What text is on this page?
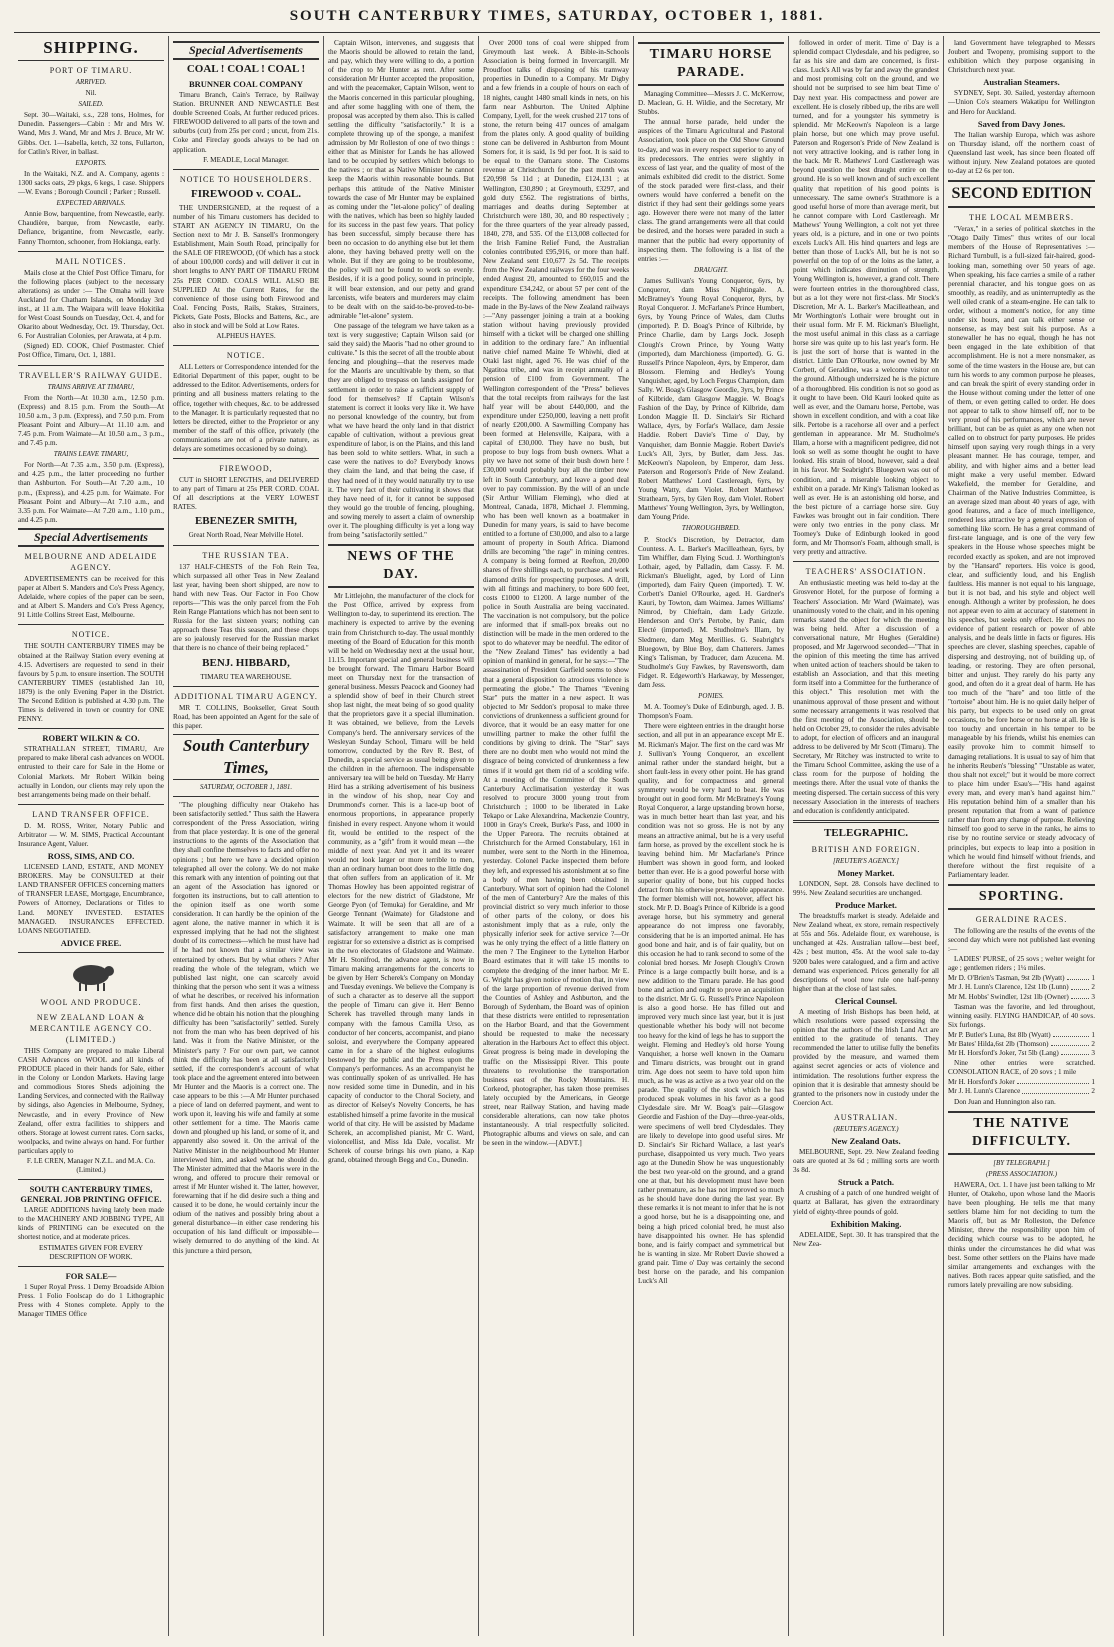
SOUTH CANTERBURY TIMES, SATURDAY, OCTOBER 1, 1881.
SHIPPING.
PORT OF TIMARU.
ARRIVED.

Nil.

SAILED.

Sept. 30—Waitaki, s.s., 228 tons, Holmes, for Dunedin. Passengers—Cabin : Mr and Mrs W. Wand, Mrs J. Wand, Mr and Mrs J. Bruce, Mr W. Gibbs. Oct. 1—Isabella, ketch, 32 tons, Fullarton, for Catlin's River, in ballast.

EXPORTS.

In the Waitaki, N.Z. and A. Company, agents : 1300 sacks oats, 29 pkgs, 6 kegs, 1 case. Shippers—W. Evans ; Borough Council ; Parker ; Russell.

EXPECTED ARRIVALS.

Annie Bow, barquentine, from Newcastle, early. Chaudière, barque, from Newcastle, early. Defiance, brigantine, from Newcastle, early. Fanny Thornton, schooner, from Hokianga, early.

MAIL NOTICES.

Mails close at the Chief Post Office Timaru, for the following places (subject to the necessary alterations) as under :— The Omaha will leave Auckland for Chatham Islands, on Monday 3rd inst., at 11 a.m. The Waipara will leave Hokitika for West Coast Sounds on Tuesday, Oct. 4, and for Okarito about Wednesday, Oct. 19. Thursday, Oct. 6. For Australian Colonies, per Arawata, at 4 p.m.

(Signed) ED. COOK, Chief Postmaster. Chief Post Office, Timaru, Oct. 1, 1881.

TRAVELLER'S RAILWAY GUIDE.
TRAINS ARRIVE AT TIMARU,

From the North—At 10.30 a.m., 12.50 p.m. (Express) and 8.15 p.m. From the South—At 10.50 a.m., 3 p.m. (Express), and 7.50 p.m. From Pleasant Point and Albury—At 11.10 a.m. and 7.45 p.m. From Waimate—At 10.50 a.m., 3 p.m., and 7.45 p.m.

TRAINS LEAVE TIMARU,

For North—At 7.35 a.m., 3.50 p.m. (Express), and 4.25 p.m., the latter proceeding no further than Ashburton. For South—At 7.20 a.m., 10 p.m., (Express), and 4.25 p.m. for Waimate. For Pleasant Point and Albury—At 7.10 a.m., and 3.35 p.m. For Waimate—At 7.20 a.m., 1.10 p.m., and 4.25 p.m.

Special Advertisements
MELBOURNE AND ADELAIDE AGENCY.

ADVERTISEMENTS can be received for this paper at Albert S. Manders and Co's Press Agency, Adelaide, where copies of the paper can be seen, and at Albert S. Manders and Co's Press Agency, 91 Little Collins Street East, Melbourne.

NOTICE.

THE SOUTH CANTERBURY TIMES may be obtained at the Railway Station every evening at 4.15. Advertisers are requested to send in their favours by 5 p.m. to ensure insertion. The SOUTH CANTERBURY TIMES (established Jan 10, 1879) is the only Evening Paper in the District. The Second Edition is published at 4.30 p.m. The Times is delivered in town or country for ONE PENNY.

ROBERT WILKIN & CO.

STRATHALLAN STREET, TIMARU, Are prepared to make liberal cash advances on WOOL entrusted to their care for Sale in the Home or Colonial Markets. Mr Robert Wilkin being actually in London, our clients may rely upon the best arrangements being made on their behalf.

LAND TRANSFER OFFICE.

D. M. ROSS, Writer, Notary Public and Arbitrator — W. M. SIMS, Practical Accountant Insurance Agent, Valuer.

ROSS, SIMS, AND CO.

LICENSED LAND, ESTATE, AND MONEY BROKERS. May be CONSULTED at their LAND TRANSFER OFFICES concerning matters of TRANSFER LEASE, Mortgage, Encumbrance, Powers of Attorney, Declarations or Titles to Land. MONEY INVESTED. ESTATES MANAGED. INSURANCES EFFECTED. LOANS NEGOTIATED.

ADVICE FREE.
WOOL AND PRODUCE.
NEW ZEALAND LOAN & MERCANTILE AGENCY CO. (LIMITED.)

THIS Company are prepared to make Liberal CASH Advances on WOOL and all kinds of PRODUCE placed in their hands for Sale, either in the Colony or London Markets. Having large and commodious Stores Sheds adjoining the Landing Services, and connected with the Railway by sidings, also Agencies in Melbourne, Sydney, Newcastle, and in every Province of New Zealand, offer extra facilities to shippers and others. Storage at lowest current rates. Corn sacks, woolpacks, and twine always on hand. For further particulars apply to

F. LE CREN, Manager N.Z.L. and M.A. Co. (Limited.)

SOUTH CANTERBURY TIMES, GENERAL JOB PRINTING OFFICE.

LARGE ADDITIONS having lately been made to the MACHINERY AND JOBBING TYPE, All kinds of PRINTING can be executed on the shortest notice, and at moderate prices.

ESTIMATES GIVEN FOR EVERY DESCRIPTION OF WORK.

FOR SALE—

1 Super Royal Press. 1 Demy Broadside Albion Press. 1 Folio Foolscap do do 1 Lithographic Press with 4 Stones complete. Apply to the Manager TIMES Office

Special Advertisements
COAL ! COAL ! COAL !
BRUNNER COAL COMPANY

Timaru Branch, Cain's Terrace, by Railway Station. BRUNNER AND NEWCASTLE Best double Screened Coals, At further reduced prices. FIREWOOD delivered to all parts of the town and suburbs (cut) from 25s per cord ; uncut, from 21s. Coke and Fireclay goods always to be had on application.

F. MEADLE, Local Manager.

NOTICE TO HOUSEHOLDERS.
FIREWOOD v. COAL.

THE UNDERSIGNED, at the request of a number of his Timaru customers has decided to START AN AGENCY IN TIMARU, On the Section next to Mr J. B. Sansell's Ironmongery Establishment, Main South Road, principally for the SALE OF FIREWOOD, (Of which has a stock of about 100,000 cords) and will deliver it cut in short lengths to ANY PART OF TIMARU FROM 25s PER CORD. COALS WILL ALSO BE SUPPLIED At the Current Rates, for the convenience of those using both Firewood and Coal. Fencing Posts, Rails, Stakes, Strainers, Pickets, Gate Posts, Blocks and Battens, &c., are also in stock and will be Sold at Low Rates.

ALPHEUS HAYES.

NOTICE.

ALL Letters or Correspondence intended for the Editorial Department of this paper, ought to be addressed to the Editor. Advertisements, orders for printing and all business matters relating to the office, together with cheques, &c. to be addressed to the Manager. It is particularly requested that no letters be directed, either to the Proprietor or any member of the staff of this office, privately (the communications are not of a private nature, as delays are sometimes occasioned by so doing).

FIREWOOD,

CUT in SHORT LENGTHS, and DELIVERED to any part of Timaru at 25s PER CORD. COAL Of all descriptions at the VERY LOWEST RATES.

EBENEZER SMITH,

Great North Road, Near Melville Hotel.

THE RUSSIAN TEA.

137 HALF-CHESTS of the Foh Rein Tea, which surpassed all other Teas in New Zealand last year, having been short shipped, are now to hand with new Teas. Our Factor in Foo Chow reports—"This was the only parcel from the Foh Rein Range Plantations which has not been sent to Russia for the last sixteen years; nothing can approach these Teas this season, and these chops are so jealously reserved for the Russian market that there is no chance of their being replaced."

BENJ. HIBBARD,

TIMARU TEA WAREHOUSE.

ADDITIONAL TIMARU AGENCY.

MR T. COLLINS, Bookseller, Great South Road, has been appointed an Agent for the sale of this paper.

South Canterbury Times,
SATURDAY, OCTOBER 1, 1881.

"The ploughing difficulty near Otakeho has been satisfactorily settled." Thus saith the Hawera correspondent of the Press Association, wiring from that place yesterday. It is one of the general instructions to the agents of the Association that they shall confine themselves to facts and offer no opinions ; but here we have a decided opinion telegraphed all over the colony. We do not make this remark with any intention of pointing out that an agent of the Association has ignored or forgotten its instructions, but to call attention to the opinion itself as one worth some consideration. It can hardly be the opinion of the agent alone, the native manner in which it is expressed implying that he had not the slightest doubt of its correctness—which he must have had if he had not known that a similar view was entertained by others. But by what others ? After reading the whole of the telegram, which we published last night, one can scarcely avoid thinking that the person who sent it was a witness of what he describes, or received his information from first hands. And then arises the question, whence did he obtain his notion that the ploughing difficulty has been "satisfactorily" settled. Surely not from the man who has been deprived of his land. Was it from the Native Minister, or the Minister's party ? For our own part, we cannot think the difficulty has been at all satisfactorily settled, if the correspondent's account of what took place and the agreement entered into between Mr Hunter and the Maoris is a correct one. The case appears to be this :—A Mr Hunter purchased a piece of land on deferred payment, and went to work upon it, leaving his wife and family at some other settlement for a time. The Maoris came down and ploughed up his land, or some of it, and apparently also sowed it. On the arrival of the Native Minister in the neighbourhood Mr Hunter interviewed him, and asked what he should do. The Minister admitted that the Maoris were in the wrong, and offered to procure their removal or arrest if Mr Hunter wished it. The latter, however, forewarning that if he did desire such a thing and caused it to be done, he would certainly incur the odium of the natives and possibly bring about a general disturbance—in either case rendering his occupation of his land difficult or impossible—wisely demurred to do anything of the kind. At this juncture a third person,

Captain Wilson, intervenes, and suggests that the Maoris should be allowed to retain the land, and pay, which they were willing to do, a portion of the crop to Mr Hunter as rent. After some consideration Mr Hunter accepted the proposition, and with the peacemaker, Captain Wilson, went to the Maoris concerned in this particular ploughing, and after some haggling with one of them, the proposal was accepted by them also. This is called settling the difficulty "satisfactorily." It is a complete throwing up of the sponge, a manifest admission by Mr Rolleston of one of two things : either that as Minister for Lands he has allowed land to be occupied by settlers which belongs to the natives ; or that as Native Minister he cannot keep the Maoris within reasonable bounds. But perhaps this attitude of the Native Minister towards the case of Mr Hunter may be explained as coming under the "let-alone policy" of dealing with the natives, which has been so highly lauded for its success in the past few years. That policy has been successful, simply because there has been no occasion to do anything else but let them alone, they having behaved pretty well on the whole. But if they are going to be troublesome, the policy will not be found to work so evenly. Besides, if it is a good policy, sound in principle, it will bear extension, and our petty and grand larcenists, wife beaters and murderers may claim to be dealt with on the said-to-be-proved-to-be-admirable "let-alone" system.

One passage of the telegram we have taken as a text is very suggestive; Captain Wilson said (or said they said) the Maoris "had no other ground to cultivate." Is this the secret of all the trouble about fencing and ploughing—that the reserves made for the Maoris are uncultivable by them, so that they are obliged to trespass on lands assigned for settlement in order to raise a sufficient supply of food for themselves? If Captain Wilson's statement is correct it looks very like it. We have no personal knowledge of the country, but from what we have heard the only land in that district capable of cultivation, without a previous great expenditure of labor, is on the Plains, and this land has been sold to white settlers. What, in such a case were the natives to do? Everybody knows they claim the land, and that being the case, if they had need of it they would naturally try to use it. The very fact of their cultivating it shows that they have need of it, for it cannot be supposed they would go the trouble of fencing, ploughing, and sowing merely to assert a claim of ownership over it. The ploughing difficulty is yet a long way from being "satisfactorily settled."

NEWS OF THE DAY.

Mr Littlejohn, the manufacturer of the clock for the Post Office, arrived by express from Wellington to-day, to superintend its erection. The machinery is expected to arrive by the evening train from Christchurch to-day. The usual monthly meeting of the Board of Education for this month will be held on Wednesday next at the usual hour, 11.15. Important special and general business will be brought forward. The Timaru Harbor Board meet on Thursday next for the transaction of general business. Messrs Peacock and Gooney had a splendid show of beef in their Church street shop last night, the meat being of so good quality that the proprietors gave it a special illumination. It was obtained, we believe, from the Levels Company's herd. The anniversary services of the Wesleyan Sunday School, Timaru will be held tomorrow, conducted by the Rev R. Best, of Dunedin, a special service as usual being given to the children in the afternoon. The indispensable anniversary tea will be held on Tuesday. Mr Harry Hird has a striking advertisement of his business in the window of his shop, near Coy and Drummond's corner. This is a lace-up boot of enormous proportions, in appearance properly finished in every respect. Anyone whom it would fit, would be entitled to the respect of the community, as a "gift" from it would mean —the middle of next year. And yet it and its wearer would not look larger or more terrible to men, than an ordinary human boot does to the little dog that often suffers from an application of it. Mr Thomas Howley has been appointed registrar of electors for the new district of Gladstone, Mr George Pyon (of Temuka) for Geraldine, and Mr George Tennant (Waimate) for Gladstone and Waimate. It will be seen that all are of a satisfactory arrangement to make one man registrar for so extensive a district as is comprised in the two electorates of Gladstone and Waimate. Mr H. Stonifrod, the advance agent, is now in Timaru making arrangements for the concerts to be given by Herr Scherek's Company on Monday and Tuesday evenings. We believe the Company is of such a character as to deserve all the support the people of Timaru can give it. Herr Benno Scherek has travelled through many lands in company with the famous Camilla Urso, as conductor of her concerts, accompanist, and piano soloist, and everywhere the Company appeared came in for a share of the highest eulogiums bestowed by the public and the Press upon the Company's performances. As an accompanyist he was continually spoken of as unrivalled. He has now resided some time in Dunedin, and in his capacity of conductor to the Choral Society, and as director of Kelsey's Novelty Concerts, he has established himself a prime favorite in the musical world of that city. He will be assisted by Madame Scherek, an accomplished pianist, Mr C. Ward, violoncellist, and Miss Ida Dale, vocalist. Mr Scherek of course brings his own piano, a Kap grand, obtained through Begg and Co., Dunedin.

Over 2000 tons of coal were shipped from Greymouth last week. A Bible-in-Schools Association is being formed in Invercargill. Mr Proudfoot talks of disposing of his tramway properties in Dunedin to a Company. Mr Digby and a few friends in a couple of hours on each of 18 nights, caught 1480 small kinds in nets, on his farm near Ashburton. The United Alphine Company, Lyell, for the week crushed 217 tons of stone, the return being 417 ounces of amalgam from the plates only. A good quality of building stone can be delivered in Ashburton from Mount Somers for, it is said, 1s 9d per foot. It is said to be equal to the Oamaru stone. The Customs revenue at Christchurch for the past month was £20,998 5s 11d ; at Dunedin, £124,131 ; at Wellington, £30,890 ; at Greymouth, £3297, and gold duty £562. The registrations of births, marriages and deaths during September at Christchurch were 180, 30, and 80 respectively ; for the three quarters of the year already passed, 1840, 278, and 535. Of the £13,008 collected for the Irish Famine Relief Fund, the Australian colonies contributed £95,916, or more than half. New Zealand sent £10,677 2s 5d. The receipts from the New Zealand railways for the four weeks ended August 20, amounted to £60,015 and the expenditure £34,242, or about 57 per cent of the receipts. The following amendment has been made in the By-laws of the New Zealand railways :—"Any passenger joining a train at a booking station without having previously provided himself with a ticket will be charged one shilling in addition to the ordinary fare." An influential native chief named Maine Te Whiwhi, died at Otaki last night, aged 76. He was chief of the Ngatitoa tribe, and was in receipt annually of a pension of £100 from Government. The Wellington correspondent of the "Press" believes that the total receipts from railways for the last half year will be about £440,000, and the expenditure under £250,000, leaving a nett profit of nearly £200,000. A Sawmilling Company has been formed at Helensville, Kaipara, with a capital of £30,000. They have no bush, but propose to buy logs from bush owners. What a pity we have not some of their bush down here ! £30,000 would probably buy all the timber now left in South Canterbury, and leave a good deal over to pay commission. By the will of an uncle (Sir Arthur William Fleming), who died at Montreal, Canada, 1878, Michael J. Flemming, who has been well known as a boatmaker in Dunedin for many years, is said to have become entitled to a fortune of £30,000, and also to a large amount of property in South Africa. Diamond drills are becoming "the rage" in mining centres. A company is being formed at Reefton, 20,000 shares of five shillings each, to purchase and work diamond drills for prospecting purposes. A drill, with all fittings and machinery, to bore 600 feet, costs £1000 to £1200. A large number of the police in South Australia are being vaccinated. The vaccination is not compulsory, but the police are informed that if small-pox breaks out no distinction will be made in the men ordered to the spot to do whatever may be needful. The editor of the "New Zealand Times" has evidently a bad opinion of mankind in general, for he says:—"The assassination of President Garfield seems to show that a general disposition to atrocious violence is permeating the globe." The Thames "Evening Star" puts the matter in a new aspect. It was objected to Mr Seddon's proposal to make three convictions of drunkenness a sufficient ground for divorce, that it would be an easy matter for one unwilling partner to make the other fulfil the conditions by giving to drink. The "Star" says there are no doubt men who would not mind the disgrace of being convicted of drunkenness a few times if it would get them rid of a scolding wife. At a meeting of the Committee of the South Canterbury Acclimatisation yesterday it was resolved to procure 3000 young trout from Christchurch ; 1000 to be liberated in Lake Tekapo or Lake Alexandrina, Mackenzie Country, 1000 in Gray's Creek, Burke's Pass, and 1000 in the Upper Pareora. The recruits obtained at Christchurch for the Armed Constabulary, 161 in number, were sent to the North in the Hinemoa, yesterday. Colonel Packe inspected them before they left, and expressed his astonishment at so fine a body of men having been obtained in Canterbury. What sort of opinion had the Colonel of the men of Canterbury? Are the males of this provincial district so very much inferior to those of other parts of the colony, or does his astonishment imply that as a rule, only the physically inferior seek for active service ?—Or was he only trying the effect of a little flattery on the men ? The Engineer to the Lyttelton Harbor Board estimates that it will take 15 months to complete the dredging of the inner harbor. Mr E. G. Wright has given notice of motion that, in view of the large proportion of revenue derived from the Counties of Ashley and Ashburton, and the Borough of Sydenham, the Board was of opinion that these districts were entitled to representation on the Harbor Board, and that the Government should be requested to make the necessary alteration in the Harbours Act to effect this object. Great progress is being made in developing the traffic on the Mississippi River. This poute threatens to revolutionise the transportation business east of the Rocky Mountains. H. Corkeod, photographer, has taken those premises lately occupied by the Americans, in George street, near Railway Station, and having made considerable alterations, can now take photos instantaneously. A trial respectfully solicited. Photographic albums and views on sale, and can be seen in the window.—[ADVT.]

TIMARU HORSE PARADE.

Managing Committee—Messrs J. C. McKerrow, D. Maclean, G. H. Wildie, and the Secretary, Mr Stubbs.

The annual horse parade, held under the auspices of the Timaru Agricultural and Pastoral Association, took place on the Old Show Ground to-day, and was in every respect superior to any of its predecessors. The entries were slightly in excess of last year, and the quality of most of the animals exhibited did credit to the district. Some of the stock paraded were first-class, and their owners would have conferred a benefit on the district if they had sent their geldings some years ago. However there were not many of the latter class. The grand arrangements were all that could be desired, and the horses were paraded in such a manner that the public had every opportunity of inspecting them. The following is a list of the entries :—

DRAUGHT.

James Sullivan's Young Conqueror, 6yrs, by Conqueror, dam Miss Nightingale. A. McBratney's Young Royal Conqueror, 8yrs, by Royal Conqueror. J. McFarlane's Prince Humbert, 6yrs, by Young Prince of Wales, dam Cluths (imported). P. D. Boag's Prince of Kilbride, by Prince Charlie, dam by Largs Jock. Joseph Clough's Crown Prince, by Young Watty (imported), dam Marchioness (imported). G. G. Russell's Prince Napoleon, 4yrs, by Emperor, dam Blossom. Fleming and Hedley's Young Vanquisher, aged, by Loch Fergus Champion, dam Sally. W. Boag's Glasgow Geordie, 3yrs, by Prince of Kilbride, dam Glasgow Maggie. W. Boag's Fashion of the Day, by Prince of Kilbride, dam London Maggie II. D. Sinclair's Sir Richard Wallace, 4yrs, by Forfar's Wallace, dam Jessie Haddie. Robert Davie's Time o' Day, by Vanquisher, dam Bonnie Maggie. Robert Davie's Luck's All, 3yrs, by Butler, dam Jess. Jas. McKeown's Napoleon, by Emperor, dam Jess. Paterson and Rogerson's Pride of New Zealand. Robert Matthews' Lord Castlereagh, 6yrs, by Young Watty, dam Violet. Robert Matthews' Strathearn, 5yrs, by Glen Roy, dam Violet. Robert Matthews' Young Wellington, 3yrs, by Wellington, dam Young Pride.

THOROUGHBRED.

P. Stock's Discretion, by Detractor, dam Countess. A. L. Barker's Macilleathean, 6yrs, by Tim Whiffler, dam Flying Scud. J. Worthington's Lothair, aged, by Palladin, dam Cassy. F. M. Rickman's Bluelight, aged, by Lord of Linn (imported), dam Fairy Queen (imported). T. W. Corbett's Daniel O'Rourke, aged. H. Gardner's Kauri, by Towton, dam Waimea. James Williams' Nimrod, by Chieftain, dam Lady Grizzle. Henderson and Orr's Pertobe, by Panic, dam Electé (imported). M. Studholme's Illam, by Sledmere, dam Meg Merillies. G. Seabright's Bluegown, by Blue Boy, dam Chatterers. James King's Talisman, by Traducer, dam Azucena. M. Studholme's Guy Fawkes, by Ravensworth, dam Fidget. R. Edgeworth's Harkaway, by Messenger, dam Jess.

PONIES.

M. A. Toomey's Duke of Edinburgh, aged. J. B. Thompson's Foam.

There were eighteen entries in the draught horse section, and all put in an appearance except Mr E. M. Rickman's Major. The first on the card was Mr J. Sullivan's Young Conqueror, an excellent animal rather under the standard height, but a short fault-less in every other point. He has grand quality, and for compactness and general symmetry would be very hard to beat. He was brought out in good form. Mr McBratney's Young Royal Conqueror, a large upstanding brown horse, was in much better heart than last year, and his condition was not so gross. He is not by any means an attractive animal, but he is a very useful farm horse, as proved by the excellent stock he is leaving behind him. Mr Macfarlane's Prince Humbert was shown in good form, and looked better than ever. He is a good powerful horse with superior quality of bone, but his cupped hocks detract from his otherwise presentable appearance. The former blemish will not, however, affect his stock. Mr P. D. Boag's Prince of Kilbride is a good average horse, but his symmetry and general appearance do not impress one favorably, considering that he is an imported animal. He has good bone and hair, and is of fair quality, but on this occasion he had to rank second to some of the colonial bred horses. Mr Joseph Clough's Crown Prince is a large compactly built horse, and is a new addition to the Timaru parade. He has good bone and action and ought to prove an acquisition to the district. Mr G. G. Russell's Prince Napoleon is also a good horse. He has filled out and improved very much since last year, but it is just questionable whether his body will not become too heavy for the kind of legs he has to support the weight. Fleming and Hedley's old horse Young Vanquisher, a horse well known in the Oamaru and Timaru districts, was brought out in grand trim. Age does not seem to have told upon him much, as he was as active as a two year old on the parade. The quality of the stock which he has produced speak volumes in his favor as a good Clydesdale sire. Mr W. Boag's pair—Glasgow Geordie and Fashion of the Day—three-year-olds, were specimens of well bred Clydesdales. They are likely to develope into good useful sires. Mr D. Sinclair's Sir Richard Wallace, a last year's purchase, disappointed us very much. Two years ago at the Dunedin Show he was unquestionably the best two year-old on the ground, and a grand one at that, but his development must have been rather premature, as he has not improved so much as he should have done during the last year. By these remarks it is not meant to infer that he is not a good horse, but he is a disappointing one, and being a high priced colonial bred, he must also have disappointed his owner. He has splendid bone, and is fairly compact and symmetrical but he is wanting in size. Mr Robert Davie showed a grand pair. Time o' Day was certainly the second best horse on the parade, and his companion Luck's All

followed in order of merit. Time o' Day is a splendid compact Clydesdale, and his pedigree, so far as his sire and dam are concerned, is first-class. Luck's All was by far and away the grandest and most promising colt on the ground, and we should not be surprised to see him beat Time o' Day next year. His compactness and power are excellent. He is closely ribbed up, the ribs are well turned, and for a youngster his symmetry is splendid. Mr McKeown's Napoleon is a large plain horse, but one which may prove useful. Paterson and Rogerson's Pride of New Zealand is not very attractive looking, and is rather long in the back. Mr R. Mathews' Lord Castlereagh was beyond question the best draught entire on the ground. He is so well known and of such excellent quality that repetition of his good points is unnecessary. The same owner's Strathmore is a good useful horse of more than average merit, but he cannot compare with Lord Castlereagh. Mr Mathews' Young Wellington, a colt not yet three years old, is a picture, and in one or two points excels Luck's All. His hind quarters and legs are better than those of Luck's All, but he is not so powerful on the top of or the loins as the latter, a point which indicates diminution of strength. Young Wellington is, however, a grand colt. There were fourteen entries in the thoroughbred class, but as a lot they were not first-class. Mr Stock's Discretion, Mr A. L. Barker's Macilleathean, and Mr Worthington's Lothair were brought out in their usual form. Mr F. M. Rickman's Bluelight, the most useful animal in this class as a carriage horse sire was quite up to his last year's form. He is just the sort of horse that is wanted in the district. Little Dan O'Rourke, now owned by Mr Corbett, of Geraldine, was a welcome visitor on the ground. Although underrsized he is the picture of a thoroughbred. His condition is not so good as it ought to have been. Old Kauri looked quite as well as ever, and the Oamaru horse, Pertobe, was shown in excellent condition, and with a coat like silk. Pertobe is a racehorse all over and a perfect gentleman in appearance. Mr M. Studholme's Illam, a horse with a magnificent pedigree, did not look so well as some thought he ought to have looked. His strain of blood, however, said a deal in his favor. Mr Seabright's Bluegown was out of condition, and a miserable looking object to exhibit on a parade. Mr King's Talisman looked as well as ever. He is an astonishing old horse, and the best picture of a carriage horse sire. Guy Fawkes was brought out in fair condition. There were only two entries in the pony class. Mr Toomey's Duke of Edinburgh looked in good form, and Mr Thomson's Foam, although small, is very pretty and attractive.

TEACHERS' ASSOCIATION.

An enthusiastic meeting was held to-day at the Grosvenor Hotel, for the purpose of forming a Teachers' Association. Mr Ward (Waimate), was unanimously voted to the chair, and in his opening remarks stated the object for which the meeting was being held. After a discussion of a conversational nature, Mr Hughes (Geraldine) proposed, and Mr Jagerwood seconded—"That in the opinion of this meeting the time has arrived when united action of teachers should be taken to establish an Association, and that this meeting form itself into a Committee for the furtherance of this object." This resolution met with the unanimous approval of those present and without some necessary arrangements it was resolved that the first meeting of the Association, should be held on October 29, to consider the rules advisable to adopt, for election of officers and an inaugural address to be delivered by Mr Scott (Timaru). The Secretary, Mr Ritchey was instructed to write to the Timaru School Committee, asking the use of a class room for the purpose of holding the meetings there. After the usual vote of thanks the meeting dispersed. The certain success of this very necessary Association in the interests of teachers and education is confidently anticipated.

TELEGRAPHIC.
BRITISH AND FOREIGN.
[REUTER'S AGENCY.]
Money Market.

LONDON, Sept. 28. Consols have declined to 99½. New Zealand securities are unchanged.

Produce Market.

The breadstuffs market is steady. Adelaide and New Zealand wheat, ex store, remain respectively at 55s and 56s. Adelaide flour, ex warehouse, is unchanged at 42s. Australian tallow—best beef, 42s ; best mutton, 45s. At the wool sale to-day 9200 bales were catalogued, and a firm and active demand was experienced. Prices generally for all descriptions of wool now rule one half-penny higher than at the close of last sales.

Clerical Counsel.

A meeting of Irish Bishops has been held, at which resolutions were passed expressing the opinion that the authors of the Irish Land Act are entitled to the gratitude of tenants. They recommended the latter to utilise fully the benefits provided by the measure, and warned them against secret agencies or acts of violence and intimidation. The resolutions further express the opinion that it is desirable that amnesty should be granted to the prisoners now in custody under the Coercion Act.

AUSTRALIAN.
(REUTER'S AGENCY.)
New Zealand Oats.

MELBOURNE, Sept. 29. New Zealand feeding oats are quoted at 3s 6d ; milling sorts are worth 3s 8d.

Struck a Patch.

A crushing of a patch of one hundred weight of quartz at Ballarat, has given the extraordinary yield of eighty-three pounds of gold.

Exhibition Making.

ADELAIDE, Sept. 30. It has transpired that the New Zea-

land Government have telegraphed to Messrs Joubert and Twopeny, promising support to the exhibition which they purpose organising in Christchurch next year.

Australian Steamers.

SYDNEY, Sept. 30. Sailed, yesterday afternoon—Union Co's steamers Wakatipu for Wellington and Hero for Auckland.

Saved from Davy Jones.

The Italian warship Europa, which was ashore on Thursday island, off the northern coast of Queensland last week, has since been floated off without injury. New Zealand potatoes are quoted to-day at £2 6s per ton.

SECOND EDITION
THE LOCAL MEMBERS.

"Verax," in a series of political sketches in the "Otago Daily Times" thus writes of our local members of the House of Representatives :— Richard Turnbull, is a full-sized fair-haired, good-looking man, something over 50 years of age. When speaking, his face carries a smile of a rather perennial character, and his tongue goes on as smoothly, as readily, and as uninterruptedly as the well oiled crank of a steam-engine. He can talk to order, without a moment's notice, for any time under six hours, and can talk either sense or nonsense, as may best suit his purpose. As a stonewaller he has no equal, though he has not been engaged in the late exhibition of that accomplishment. He is not a mere nonsmaker, as some of the time wasters in the House are, but can turn his words to any common purpose he pleases, and can break the spirit of every standing order in the House without coming under the letter of one of them, or even getting called to order. He does not appear to talk to show himself off, nor to be very proud of his performances, which are never brilliant, but can be as quiet as any one when not called on to obstruct for party purposes. He prides himself upon saying very rough things in a very pleasant manner. He has courage, temper, and ability, and with higher aims and a better lead might make a very useful member. Edward Wakefield, the member for Geraldine, and Chairman of the Native Industries Committee, is an average sized man about 40 years of age, with good features, and a face of much intelligence, rendered less attractive by a general expression of something like scorn. He has a great command of first-rate language, and is one of the very few speakers in the House whose speeches might be recorded exactly as spoken, and are not improved by the "Hansard" reporters. His voice is good, clear, and sufficiently loud, and his English faultless. His manner is not equal to his language, but it is not bad, and his style and object well enough. Although a writer by profession, he does not appear even to aim at accuracy of statement in his speeches, but seeks only effect. He shows no evidence of patient research or power of able analysis, and he deals little in facts or figures. His speeches are clever, slashing speeches, capable of dispersing and destroying, not of building up, of leading, or restoring. They are often personal, bitter and unjust. They rarely do his party any good, and often do it a great deal of harm. He has too much of the "hare" and too little of the "tortoise" about him. He is no quiet daily helper of his party, but expects to be used only on great occasions, to be fore horse or no horse at all. He is too touchy and uncertain in his temper to be manageable by his friends, whilst his enemies can easily provoke him to commit himself to damaging retaliations. It is usual to say of him that he inherits Reuben's "blessing" "Unstable as water, thou shalt not excel;" but it would be more correct to place him under Esau's—"His hand against every man, and every man's hand against him." His reputation behind him of a smaller than his present reputation that from a want of patience rather than from any change of purpose. Relieving himself too good to serve in the ranks, he aims to rise by no routine service or steady advocacy of principles, but expects to leap into a position in which he would find himself without friends, and therefore without the first requisite of a Parliamentary leader.

SPORTING.
GERALDINE RACES.

The following are the results of the events of the second day which were not published last evening :—

LADIES' PURSE, of 25 sovs ; welter weight for age ; gentlemen riders ; 1¼ miles.

Mr D. O'Brien's Tasman, 9st 2lb (Wyatt)	1
Mr J. H. Lunn's Clarence, 12st 1lb (Lunn)	2
Mr M. Hobbs' Swindler, 12st 1lb (Owner)	3

Tasman was the favorite, and led throughout, winning easily. FLYING HANDICAP, of 40 sovs. Six furlongs.

Mr P. Butler's Luna, 8st 8lb (Wyatt)	1
Mr Bates' Hilda,6st 2lb (Thomson)	2
Mr H. Horsford's Joker, 7st 5lb (Lang)	3

Nine other entries were scratched. CONSOLATION RACE, of 20 sovs ; 1 mile

Mr H. Horsford's Joker	1
Mr J. H. Lunn's Clarence	2

Don Juan and Hunnington also ran.

THE NATIVE DIFFICULTY.
[BY TELEGRAPH.]
(PRESS ASSOCIATION.)

HAWERA, Oct. 1. I have just been talking to Mr Hunter, of Otakeho, upon whose land the Maoris have been ploughing. He tells me that many settlers blame him for not deciding to turn the Maoris off, but as Mr Rolleston, the Defence Minister, threw the responsibility upon him of deciding which course was to be adopted, he thinks under the circumstances he did what was best. Some other settlers on the Plains have made similar arrangements and exchanges with the natives. Both races appear quite satisfied, and the rumors lately prevailing are now subsiding.
